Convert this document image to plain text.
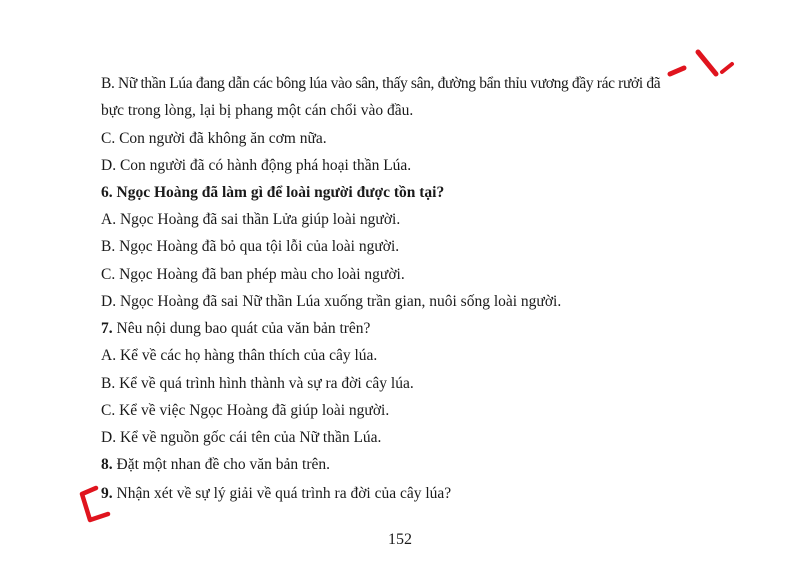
B. Nữ thần Lúa đang dẫn các bông lúa vào sân, thấy sân, đường bẩn thỉu vương đầy rác rưởi đã
bực trong lòng, lại bị phang một cán chổi vào đầu.
C. Con người đã không ăn cơm nữa.
D. Con người đã có hành động phá hoại thần Lúa.
6. Ngọc Hoàng đã làm gì để loài người được tồn tại?
A. Ngọc Hoàng đã sai thần Lửa giúp loài người.
B. Ngọc Hoàng đã bỏ qua tội lỗi của loài người.
C. Ngọc Hoàng đã ban phép màu cho loài người.
D. Ngọc Hoàng đã sai Nữ thần Lúa xuống trần gian, nuôi sống loài người.
7. Nêu nội dung bao quát của văn bản trên?
A. Kể về các họ hàng thân thích của cây lúa.
B. Kể về quá trình hình thành và sự ra đời cây lúa.
C. Kể về việc Ngọc Hoàng đã giúp loài người.
D. Kể về nguồn gốc cái tên của Nữ thần Lúa.
8. Đặt một nhan đề cho văn bản trên.
9. Nhận xét về sự lý giải về quá trình ra đời của cây lúa?
152
